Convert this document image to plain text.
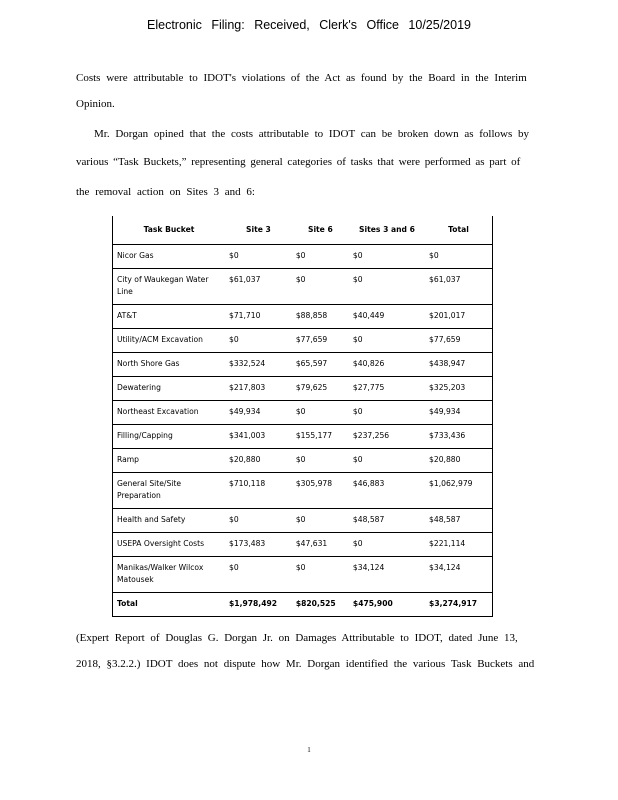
Electronic Filing: Received, Clerk's Office 10/25/2019
Costs were attributable to IDOT's violations of the Act as found by the Board in the Interim
Opinion.
Mr. Dorgan opined that the costs attributable to IDOT can be broken down as follows by
various “Task Buckets,” representing general categories of tasks that were performed as part of
the removal action on Sites 3 and 6:
Task Bucket	Site 3	Site 6	Sites 3 and 6	Total
Nicor Gas	$0	$0	$0	$0
City of Waukegan Water Line	$61,037	$0	$0	$61,037
AT&T	$71,710	$88,858	$40,449	$201,017
Utility/ACM Excavation	$0	$77,659	$0	$77,659
North Shore Gas	$332,524	$65,597	$40,826	$438,947
Dewatering	$217,803	$79,625	$27,775	$325,203
Northeast Excavation	$49,934	$0	$0	$49,934
Filling/Capping	$341,003	$155,177	$237,256	$733,436
Ramp	$20,880	$0	$0	$20,880
General Site/Site Preparation	$710,118	$305,978	$46,883	$1,062,979
Health and Safety	$0	$0	$48,587	$48,587
USEPA Oversight Costs	$173,483	$47,631	$0	$221,114
Manikas/Walker Wilcox Matousek	$0	$0	$34,124	$34,124
Total	$1,978,492	$820,525	$475,900	$3,274,917
(Expert Report of Douglas G. Dorgan Jr. on Damages Attributable to IDOT, dated June 13,
2018, §3.2.2.) IDOT does not dispute how Mr. Dorgan identified the various Task Buckets and
1
